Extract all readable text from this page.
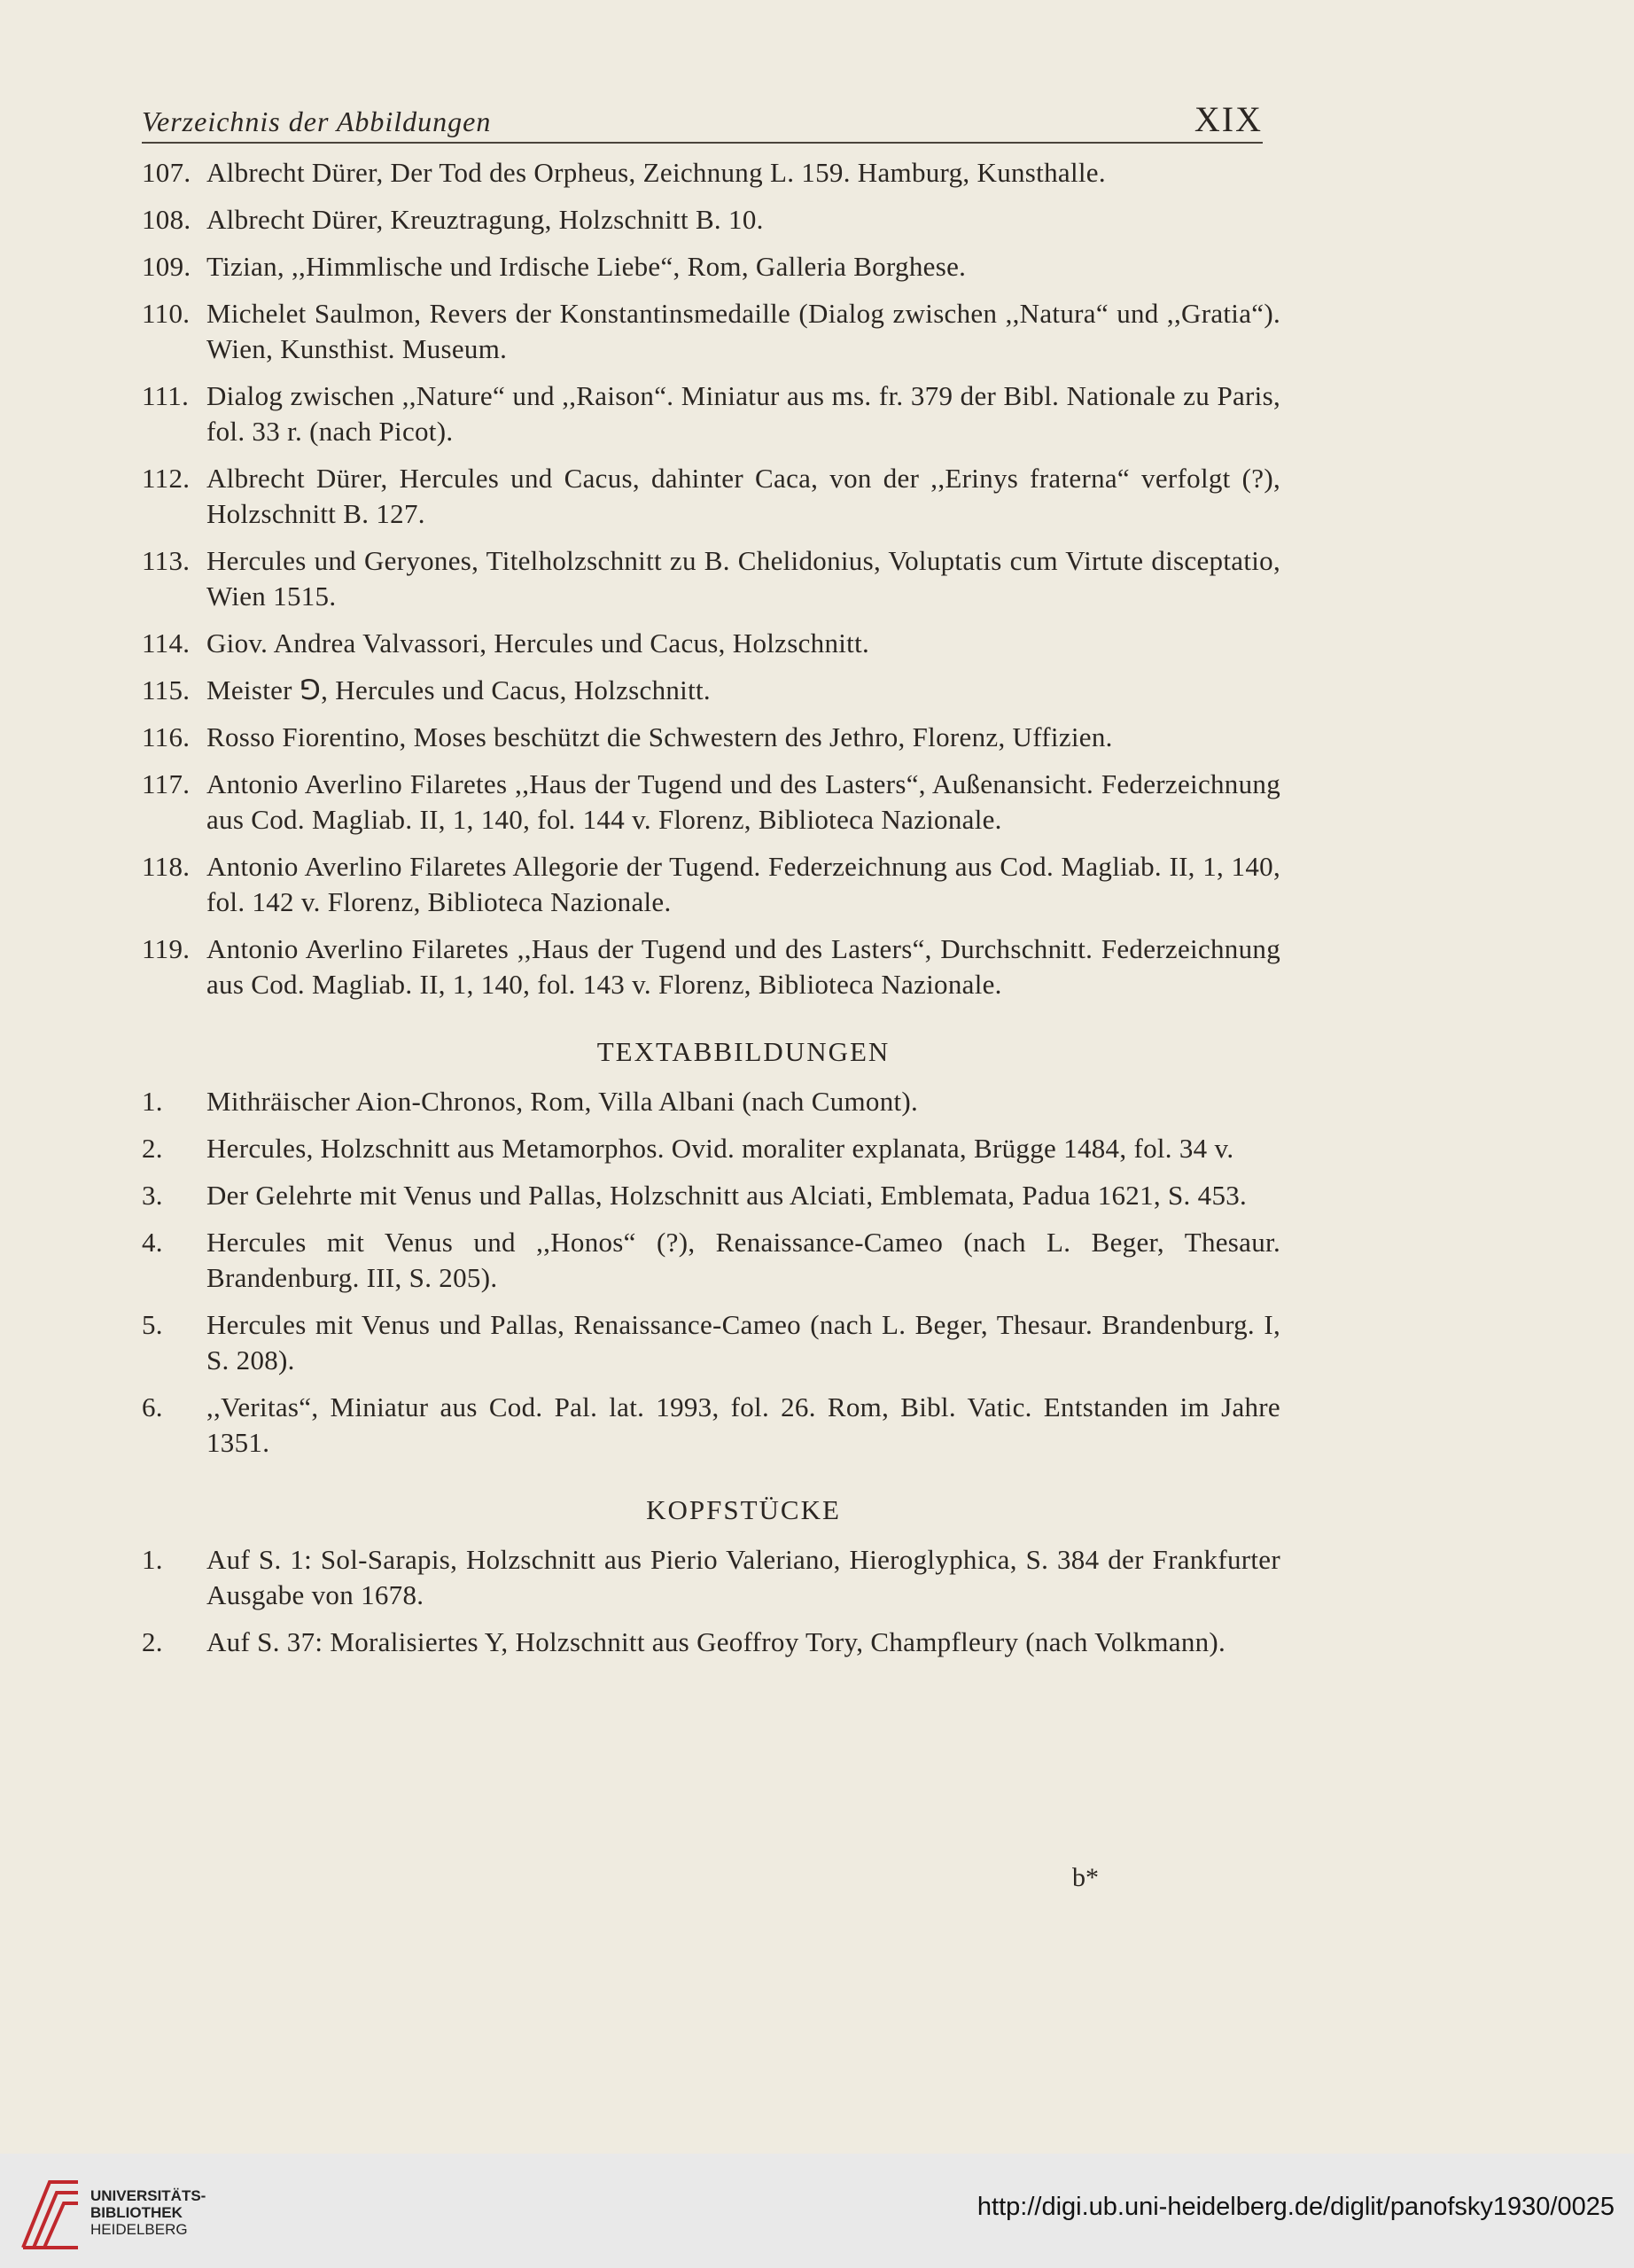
Verzeichnis der Abbildungen	XIX
107. Albrecht Dürer, Der Tod des Orpheus, Zeichnung L. 159. Hamburg, Kunsthalle.
108. Albrecht Dürer, Kreuztragung, Holzschnitt B. 10.
109. Tizian, ,,Himmlische und Irdische Liebe“, Rom, Galleria Borghese.
110. Michelet Saulmon, Revers der Konstantinsmedaille (Dialog zwischen ,,Natura“ und ,,Gratia“). Wien, Kunsthist. Museum.
111. Dialog zwischen ,,Nature“ und ,,Raison“. Miniatur aus ms. fr. 379 der Bibl. Nationale zu Paris, fol. 33 r. (nach Picot).
112. Albrecht Dürer, Hercules und Cacus, dahinter Caca, von der ,,Erinys fraterna“ verfolgt (?), Holzschnitt B. 127.
113. Hercules und Geryones, Titelholzschnitt zu B. Chelidonius, Voluptatis cum Virtute disceptatio, Wien 1515.
114. Giov. Andrea Valvassori, Hercules und Cacus, Holzschnitt.
115. Meister ⅁, Hercules und Cacus, Holzschnitt.
116. Rosso Fiorentino, Moses beschützt die Schwestern des Jethro, Florenz, Uffizien.
117. Antonio Averlino Filaretes ,,Haus der Tugend und des Lasters“, Außenansicht. Federzeichnung aus Cod. Magliab. II, 1, 140, fol. 144 v. Florenz, Biblioteca Nazionale.
118. Antonio Averlino Filaretes Allegorie der Tugend. Federzeichnung aus Cod. Magliab. II, 1, 140, fol. 142 v. Florenz, Biblioteca Nazionale.
119. Antonio Averlino Filaretes ,,Haus der Tugend und des Lasters“, Durchschnitt. Federzeichnung aus Cod. Magliab. II, 1, 140, fol. 143 v. Florenz, Biblioteca Nazionale.
TEXTABBILDUNGEN
1. Mithräischer Aion-Chronos, Rom, Villa Albani (nach Cumont).
2. Hercules, Holzschnitt aus Metamorphos. Ovid. moraliter explanata, Brügge 1484, fol. 34 v.
3. Der Gelehrte mit Venus und Pallas, Holzschnitt aus Alciati, Emblemata, Padua 1621, S. 453.
4. Hercules mit Venus und ,,Honos“ (?), Renaissance-Cameo (nach L. Beger, Thesaur. Brandenburg. III, S. 205).
5. Hercules mit Venus und Pallas, Renaissance-Cameo (nach L. Beger, Thesaur. Brandenburg. I, S. 208).
6. ,,Veritas“, Miniatur aus Cod. Pal. lat. 1993, fol. 26. Rom, Bibl. Vatic. Entstanden im Jahre 1351.
KOPFSTÜCKE
1. Auf S. 1: Sol-Sarapis, Holzschnitt aus Pierio Valeriano, Hieroglyphica, S. 384 der Frankfurter Ausgabe von 1678.
2. Auf S. 37: Moralisiertes Y, Holzschnitt aus Geoffroy Tory, Champfleury (nach Volkmann).
b*
UNIVERSITÄTS-
BIBLIOTHEK
HEIDELBERG
http://digi.ub.uni-heidelberg.de/diglit/panofsky1930/0025
